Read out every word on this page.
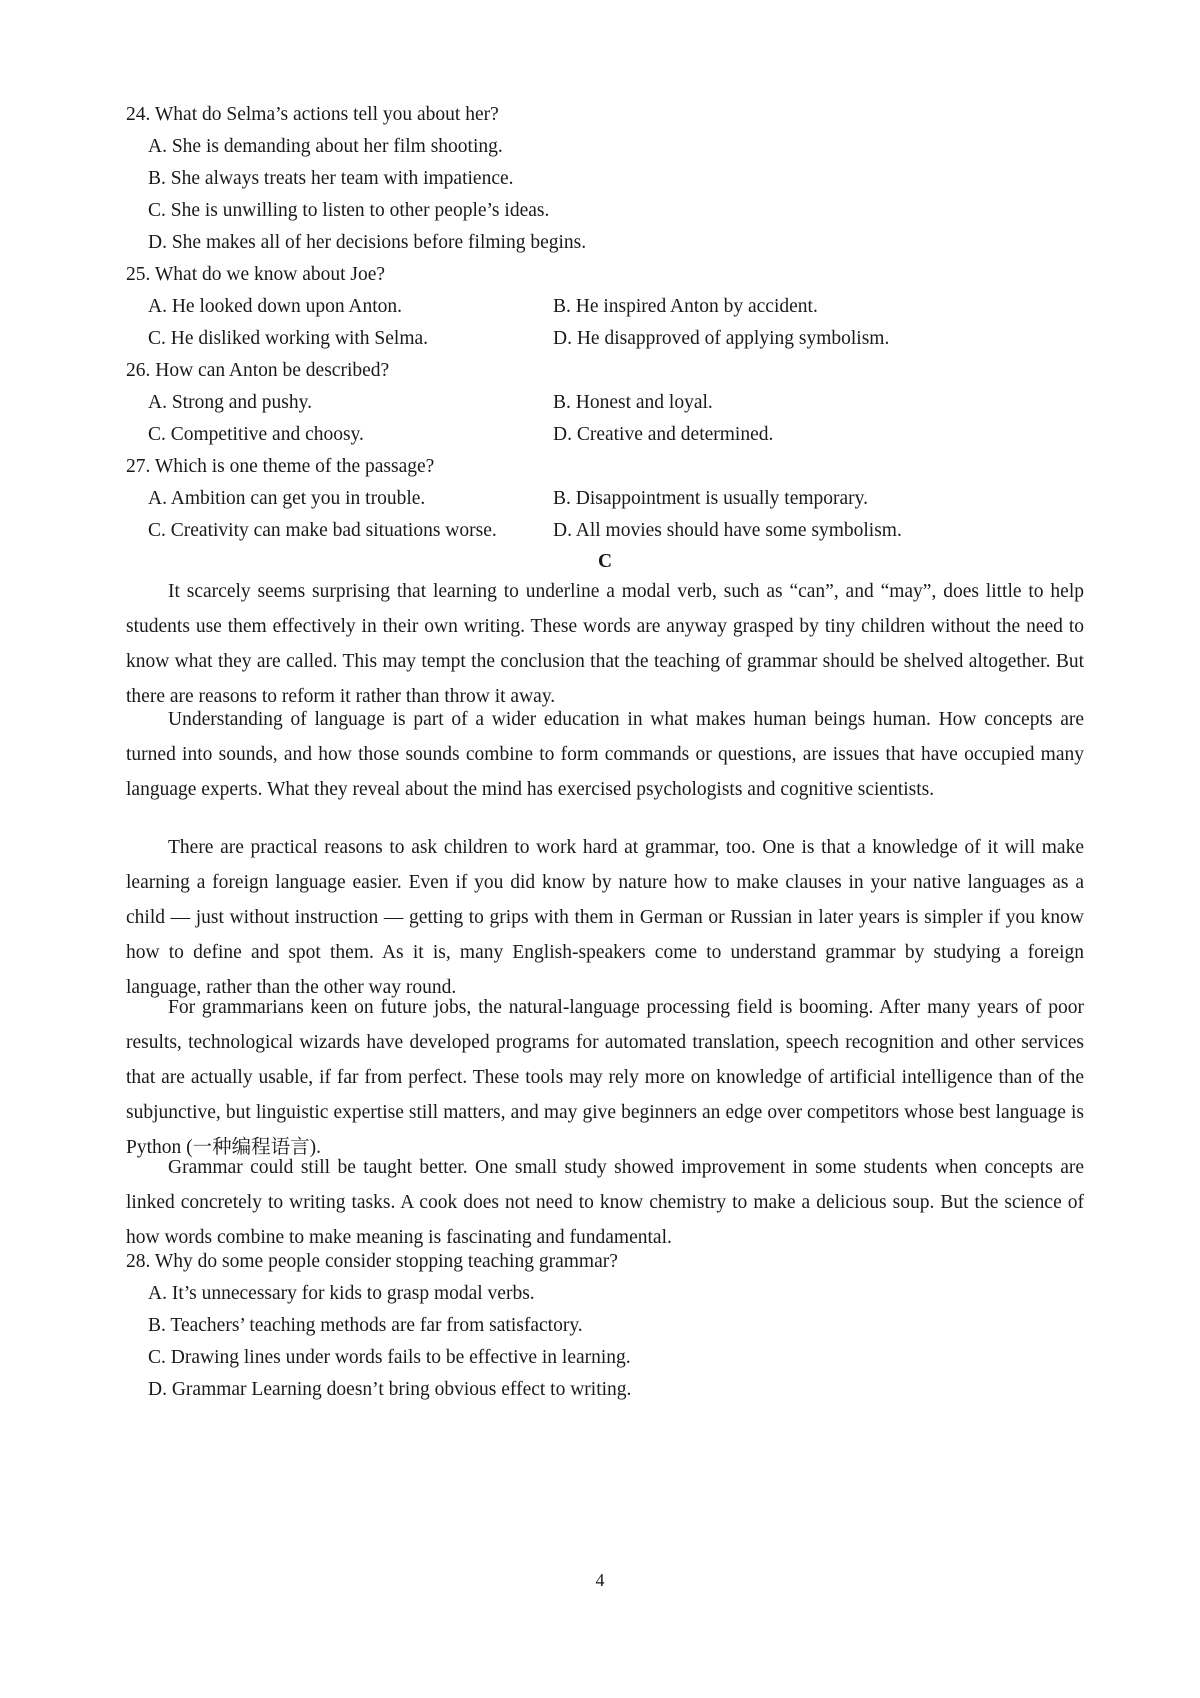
24. What do Selma’s actions tell you about her?
A. She is demanding about her film shooting.
B. She always treats her team with impatience.
C. She is unwilling to listen to other people’s ideas.
D. She makes all of her decisions before filming begins.
25. What do we know about Joe?
A. He looked down upon Anton.	B. He inspired Anton by accident.
C. He disliked working with Selma.	D. He disapproved of applying symbolism.
26. How can Anton be described?
A. Strong and pushy.	B. Honest and loyal.
C. Competitive and choosy.	D. Creative and determined.
27. Which is one theme of the passage?
A. Ambition can get you in trouble.	B. Disappointment is usually temporary.
C. Creativity can make bad situations worse.	D. All movies should have some symbolism.
C

It scarcely seems surprising that learning to underline a modal verb, such as “can”, and “may”, does little to help students use them effectively in their own writing. These words are anyway grasped by tiny children without the need to know what they are called. This may tempt the conclusion that the teaching of grammar should be shelved altogether. But there are reasons to reform it rather than throw it away.

Understanding of language is part of a wider education in what makes human beings human. How concepts are turned into sounds, and how those sounds combine to form commands or questions, are issues that have occupied many language experts. What they reveal about the mind has exercised psychologists and cognitive scientists.

There are practical reasons to ask children to work hard at grammar, too. One is that a knowledge of it will make learning a foreign language easier. Even if you did know by nature how to make clauses in your native languages as a child — just without instruction — getting to grips with them in German or Russian in later years is simpler if you know how to define and spot them. As it is, many English-speakers come to understand grammar by studying a foreign language, rather than the other way round.

For grammarians keen on future jobs, the natural-language processing field is booming. After many years of poor results, technological wizards have developed programs for automated translation, speech recognition and other services that are actually usable, if far from perfect. These tools may rely more on knowledge of artificial intelligence than of the subjunctive, but linguistic expertise still matters, and may give beginners an edge over competitors whose best language is Python (一种编程语言).

Grammar could still be taught better. One small study showed improvement in some students when concepts are linked concretely to writing tasks. A cook does not need to know chemistry to make a delicious soup. But the science of how words combine to make meaning is fascinating and fundamental.

28. Why do some people consider stopping teaching grammar?
A. It’s unnecessary for kids to grasp modal verbs.
B. Teachers’ teaching methods are far from satisfactory.
C. Drawing lines under words fails to be effective in learning.
D. Grammar Learning doesn’t bring obvious effect to writing.
4
